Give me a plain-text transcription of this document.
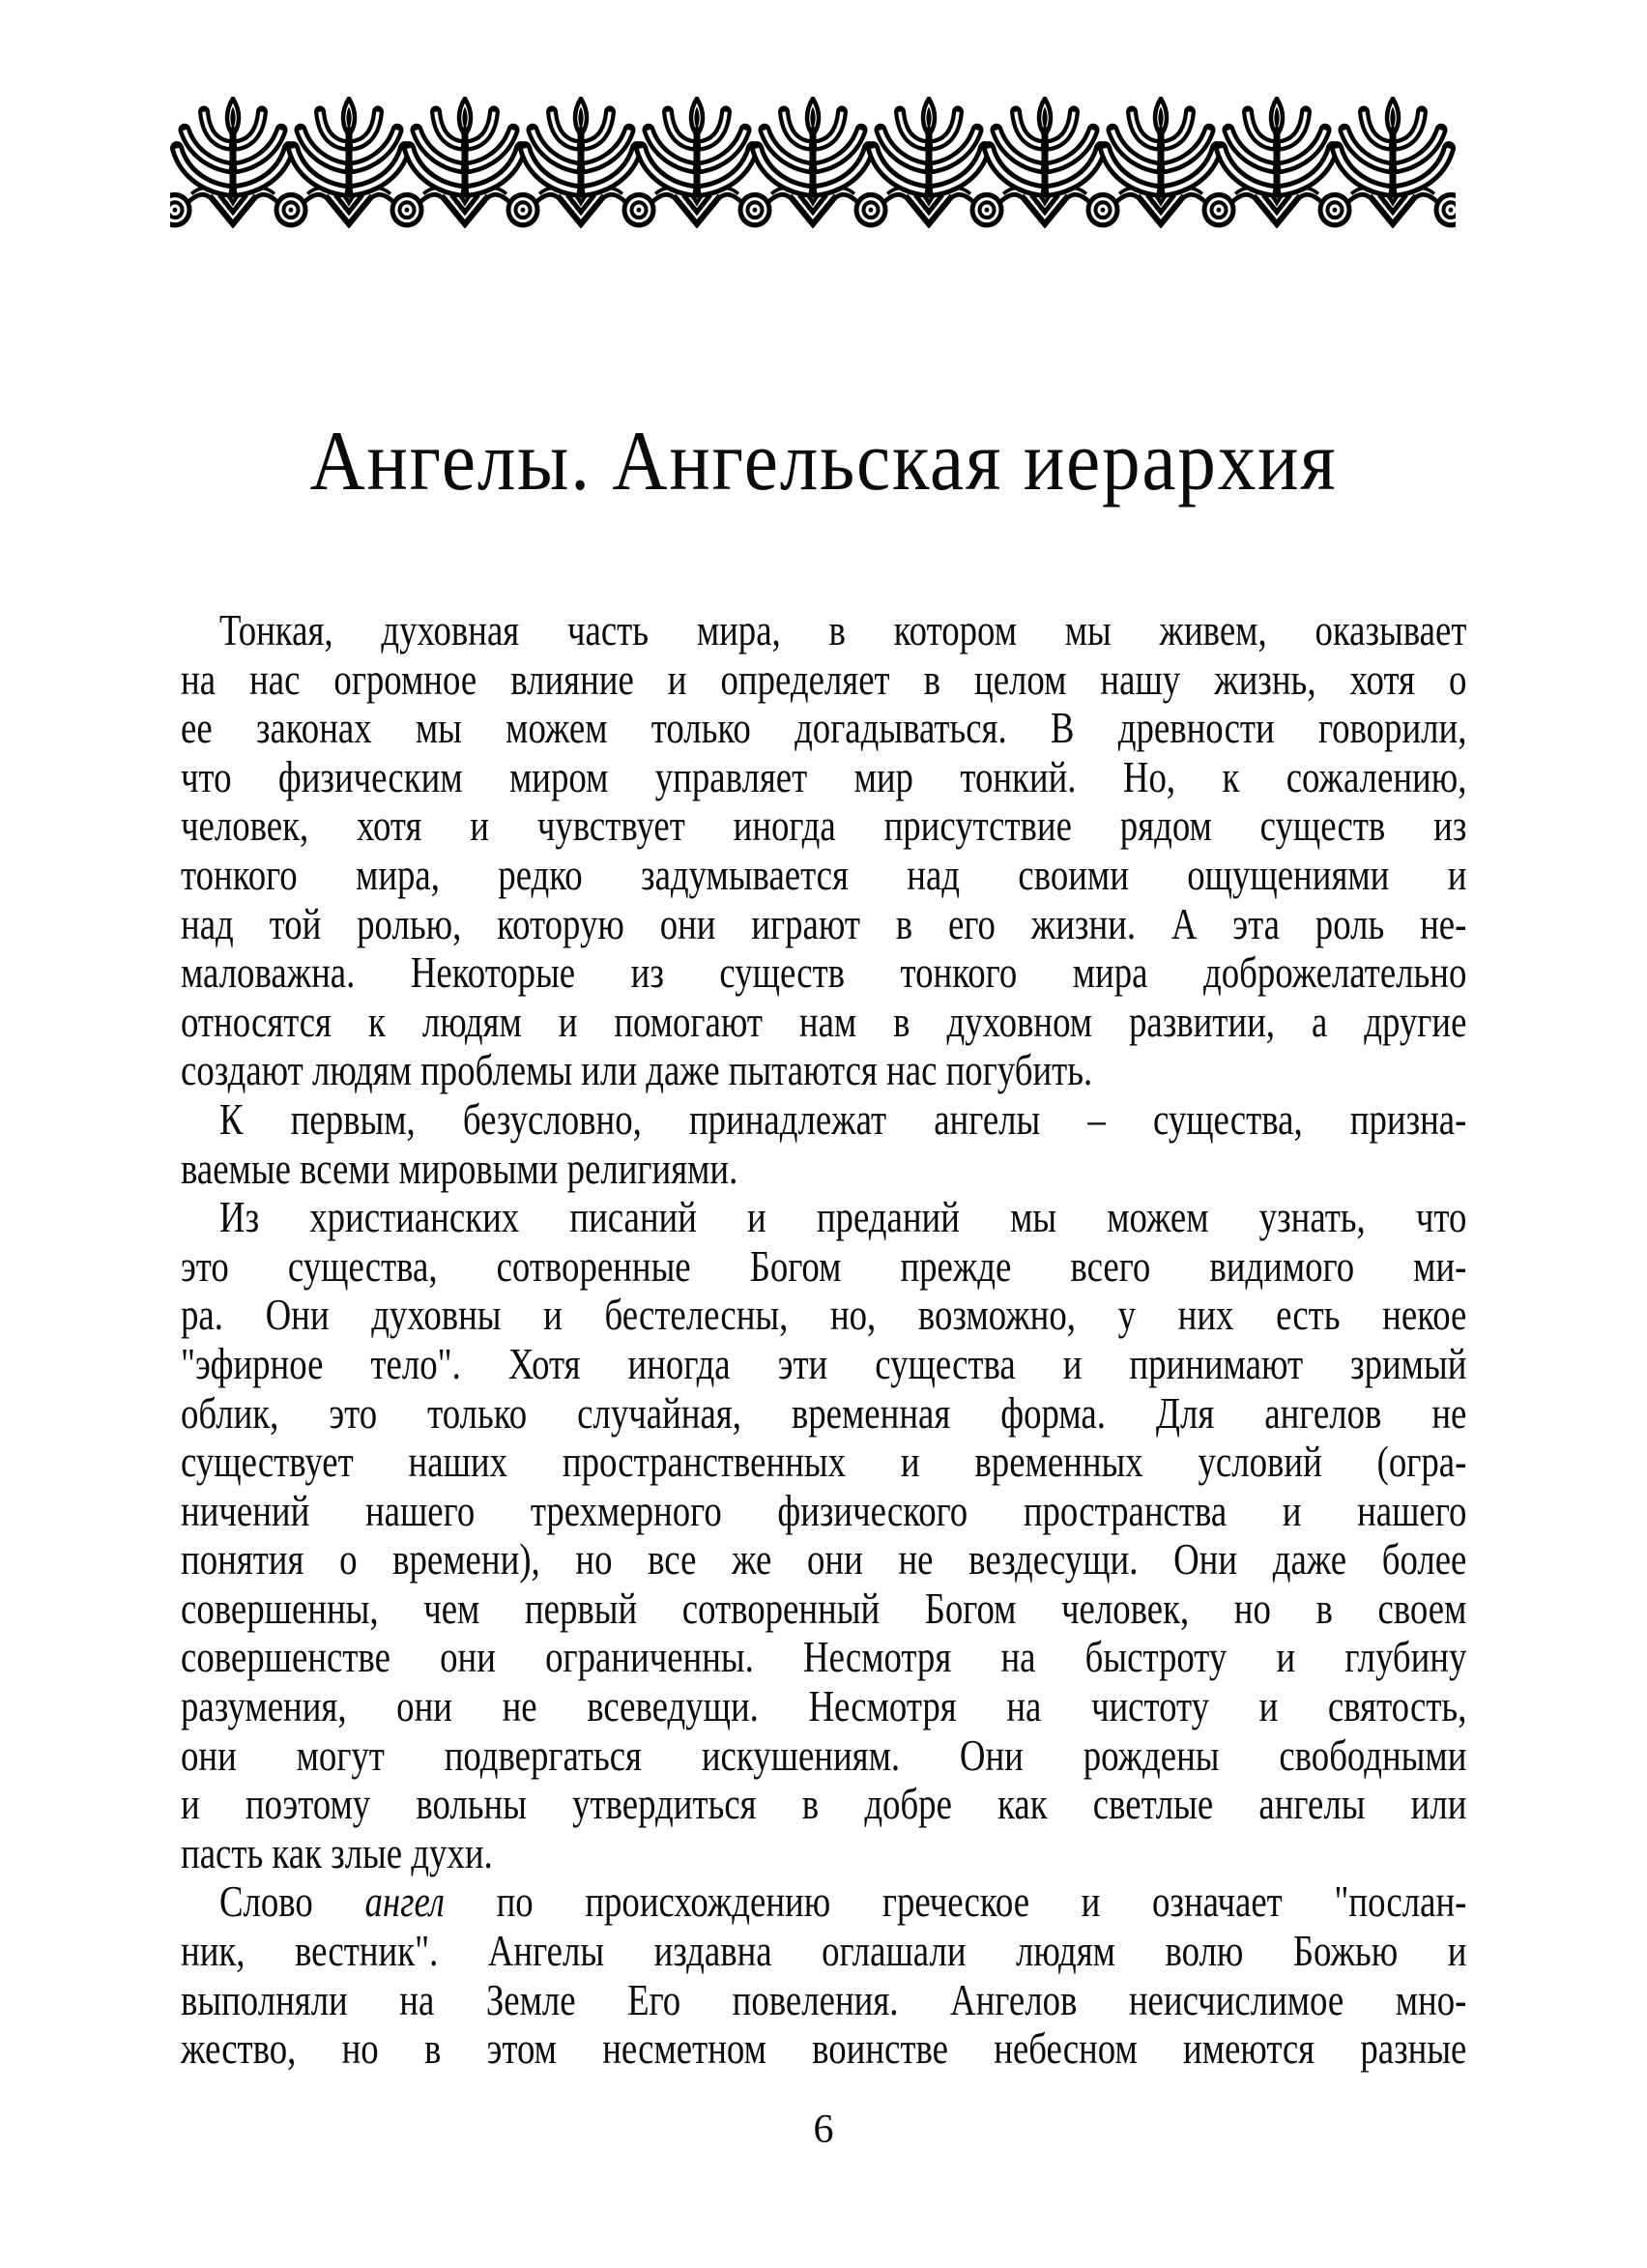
Ангелы. Ангельская иерархия
Тонкая, духовная часть мира, в котором мы живем, оказывает
на нас огромное влияние и определяет в целом нашу жизнь, хотя о
ее законах мы можем только догадываться. В древности говорили,
что физическим миром управляет мир тонкий. Но, к сожалению,
человек, хотя и чувствует иногда присутствие рядом существ из
тонкого мира, редко задумывается над своими ощущениями и
над той ролью, которую они играют в его жизни. А эта роль не-
маловажна. Некоторые из существ тонкого мира доброжелательно
относятся к людям и помогают нам в духовном развитии, а другие
создают людям проблемы или даже пытаются нас погубить.
К первым, безусловно, принадлежат ангелы – существа, призна-
ваемые всеми мировыми религиями.
Из христианских писаний и преданий мы можем узнать, что
это существа, сотворенные Богом прежде всего видимого ми-
ра. Они духовны и бестелесны, но, возможно, у них есть некое
"эфирное тело". Хотя иногда эти существа и принимают зримый
облик, это только случайная, временная форма. Для ангелов не
существует наших пространственных и временных условий (огра-
ничений нашего трехмерного физического пространства и нашего
понятия о времени), но все же они не вездесущи. Они даже более
совершенны, чем первый сотворенный Богом человек, но в своем
совершенстве они ограниченны. Несмотря на быстроту и глубину
разумения, они не всеведущи. Несмотря на чистоту и святость,
они могут подвергаться искушениям. Они рождены свободными
и поэтому вольны утвердиться в добре как светлые ангелы или
пасть как злые духи.
Слово ангел по происхождению греческое и означает "послан-
ник, вестник". Ангелы издавна оглашали людям волю Божью и
выполняли на Земле Его повеления. Ангелов неисчислимое мно-
жество, но в этом несметном воинстве небесном имеются разные
6
